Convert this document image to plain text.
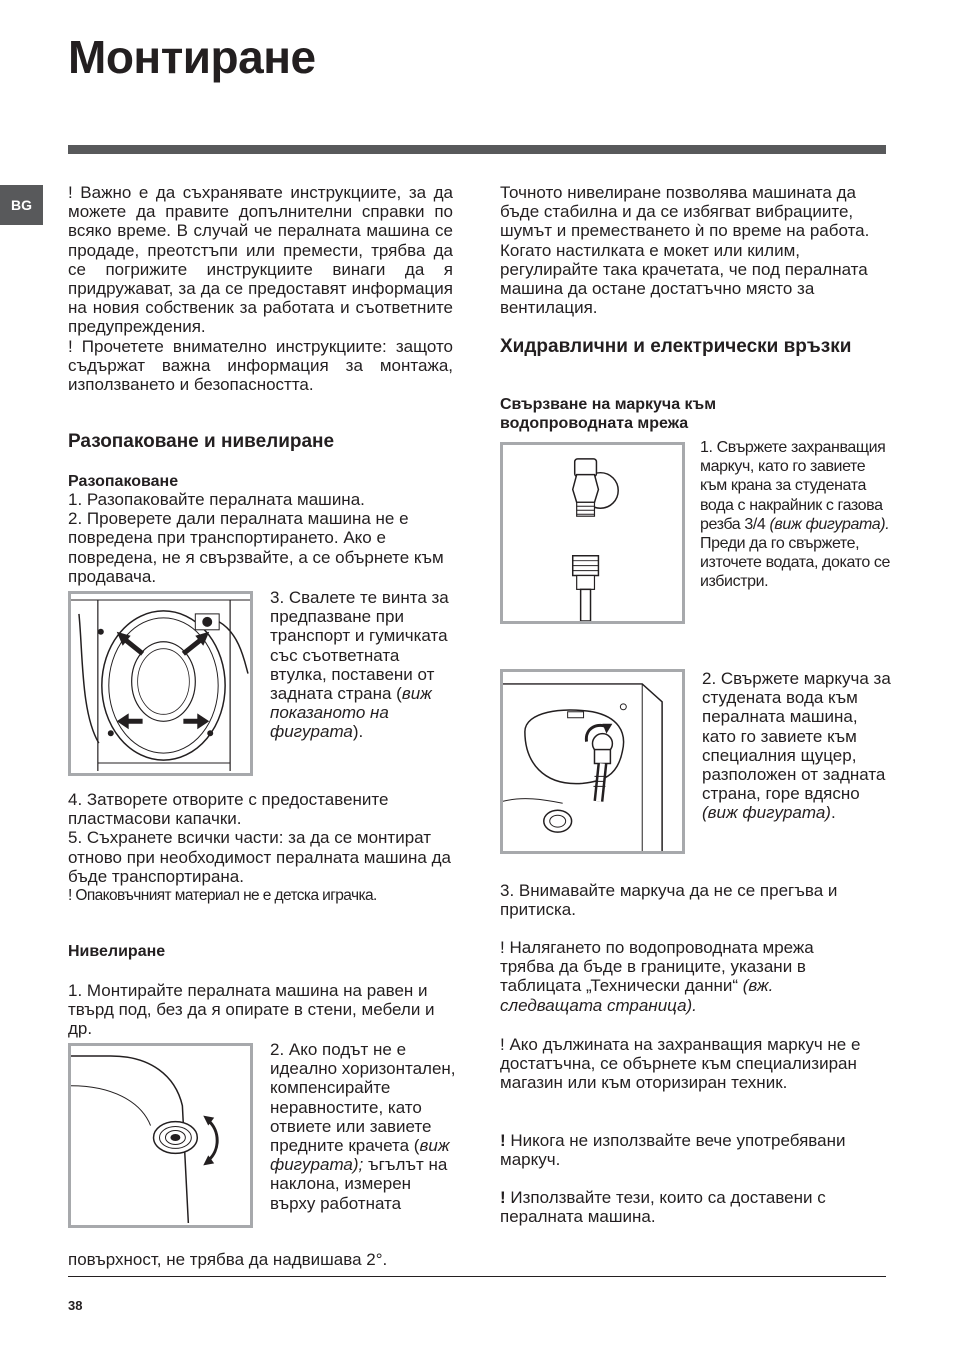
Монтиране
BG

! Важно е да съхранявате инструкциите, за да можете да правите допълнителни справки по всяко време. В случай че пералната машина се продаде, преотстъпи или премести, трябва да се погрижите инструкциите винаги да я придружават, за да се предоставят информация на новия собственик за работата и съответните предупреждения.

! Прочетете внимателно инструкциите: защото съдържат важна информация за монтажа, използването и безопасността.

Разопаковане и нивелиране
Разопаковане

1. Разопаковайте пералната машина.

2. Проверете дали пералната машина не е повредена при транспортирането. Ако е повредена, не я свързвайте, а се обърнете към продавача.

3. Свалете те винта за предпазване при транспорт и гумичката със съответната втулка, поставени от задната страна (виж показаното на фигурата).

4. Затворете отворите с предоставените пластмасови капачки.

5. Съхранете всички части: за да се монтират отново при необходимост пералната машина да бъде транспортирана.

! Опаковъчният материал не е детска играчка.

Нивелиране
1. Монтирайте пералната машина на равен и твърд под, без да я опирате в стени, мебели и др.

2. Ако подът не е идеално хоризонтален, компенсирайте неравностите, като отвиете или завиете предните крачета (виж фигурата); ъгълът на наклона, измерен върху работната

повърхност, не трябва да надвишава 2°.
Точното нивелиране позволява машината да бъде стабилна и да се избягват вибрациите, шумът и преместването ѝ по време на работа. Когато настилката е мокет или килим, регулирайте така крачетата, че под пералната машина да остане достатъчно място за вентилация.
Хидравлични и електрически връзки
Свързване на маркуча към водопроводната мрежа

1. Свържете захранващия маркуч, като го завиете към крана за студената вода с накрайник с газова резба 3/4 (виж фигурата).

Преди да го свържете, източете водата, докато се избистри.

2. Свържете маркуча за студената вода към пералната машина, като го завиете към специалния щуцер, разположен от задната страна, горе вдясно (виж фигурата).

3. Внимавайте маркуча да не се прегъва и притиска.

! Налягането по водопроводната мрежа трябва да бъде в границите, указани в таблицата „Технически данни“ (вж. следващата страница).

! Ако дължината на захранващия маркуч не е достатъчна, се обърнете към специализиран магазин или към оторизиран техник.

! Никога не използвайте вече употребявани маркуч.

! Използвайте тези, които са доставени с пералната машина.

38
